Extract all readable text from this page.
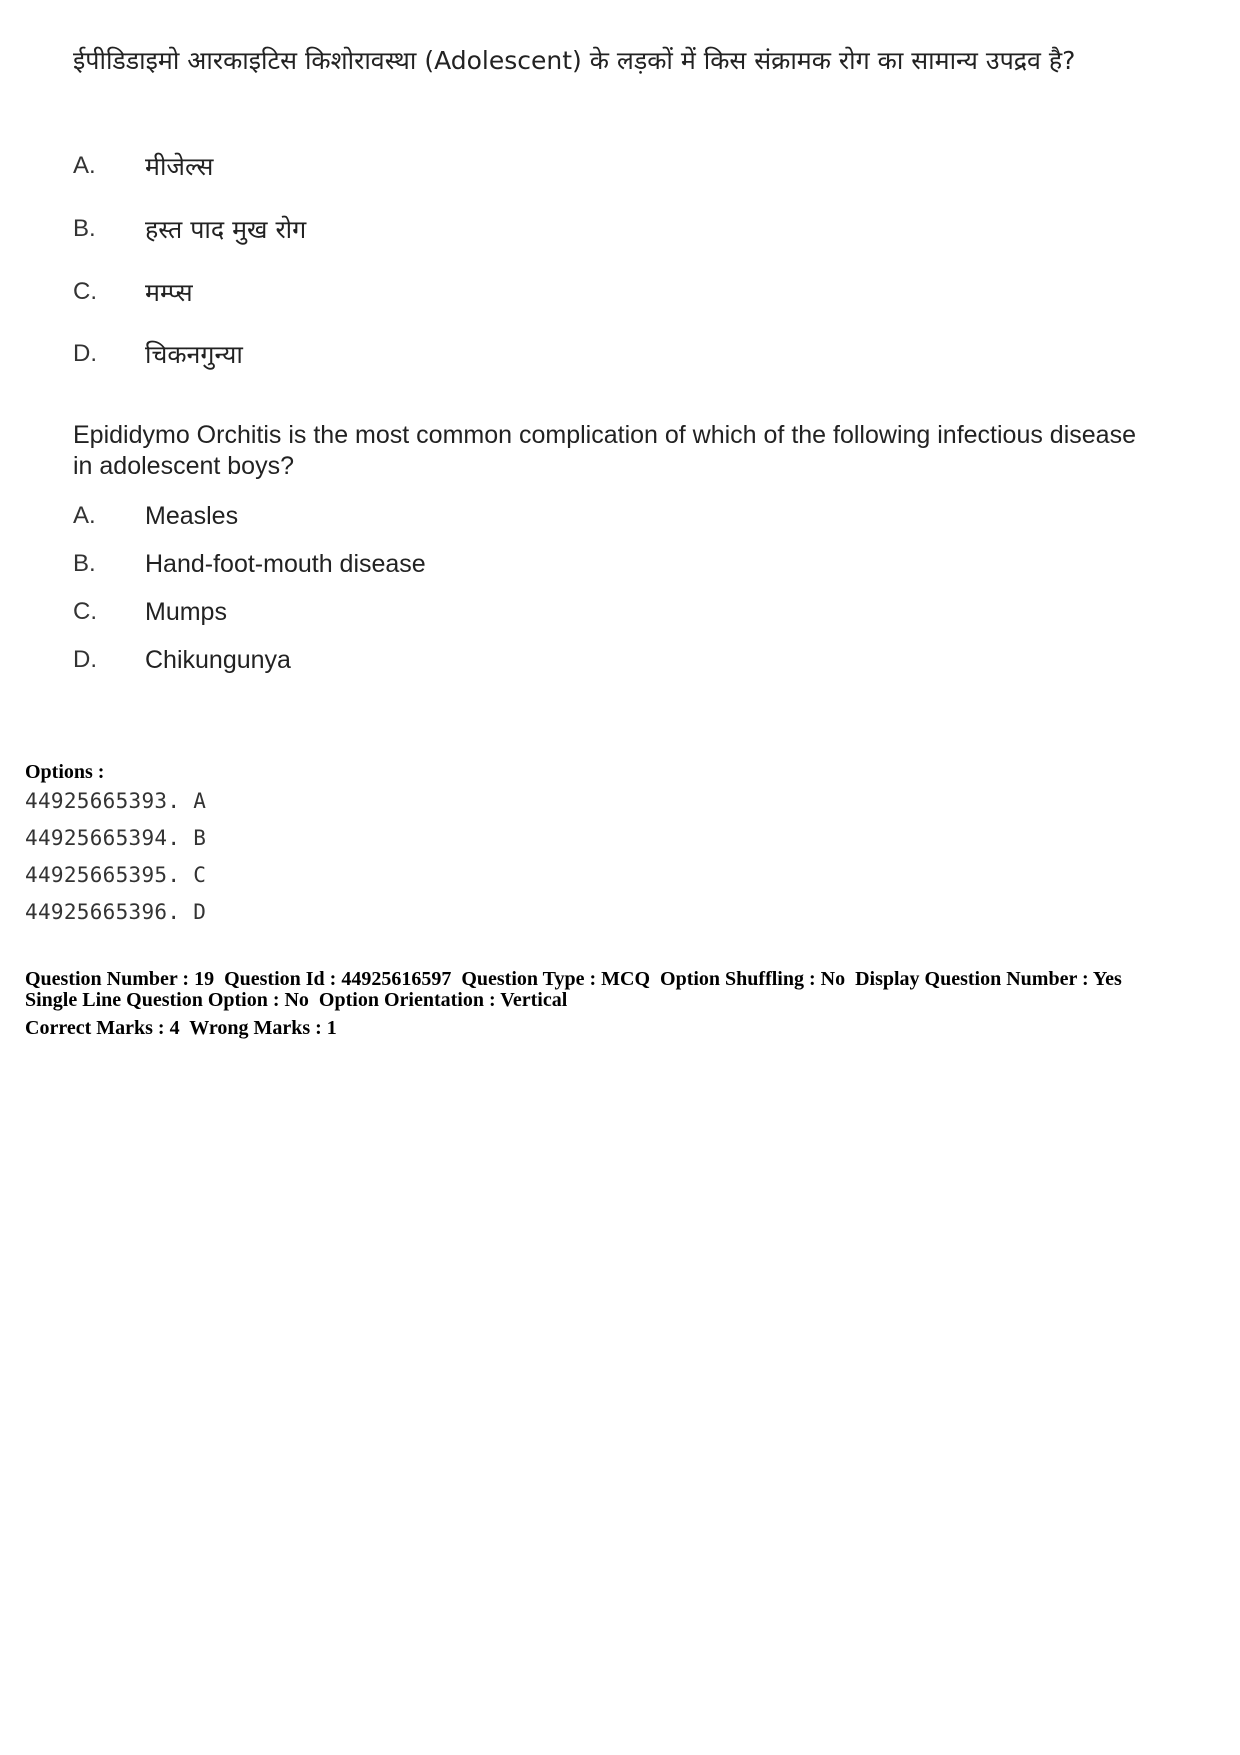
ईपीडिडाइमो आरकाइटिस किशोरावस्था (Adolescent) के लड़कों में किस संक्रामक रोग का सामान्य उपद्रव है?
A.	मीजेल्स
B.	हस्त पाद मुख रोग
C.	मम्प्स
D.	चिकनगुन्या
Epididymo Orchitis is the most common complication of which of the following infectious disease in adolescent boys?
A.	Measles
B.	Hand-foot-mouth disease
C.	Mumps
D.	Chikungunya
Options :
44925665393. A
44925665394. B
44925665395. C
44925665396. D
Question Number : 19  Question Id : 44925616597  Question Type : MCQ  Option Shuffling : No  Display Question Number : Yes
Single Line Question Option : No  Option Orientation : Vertical
Correct Marks : 4  Wrong Marks : 1
